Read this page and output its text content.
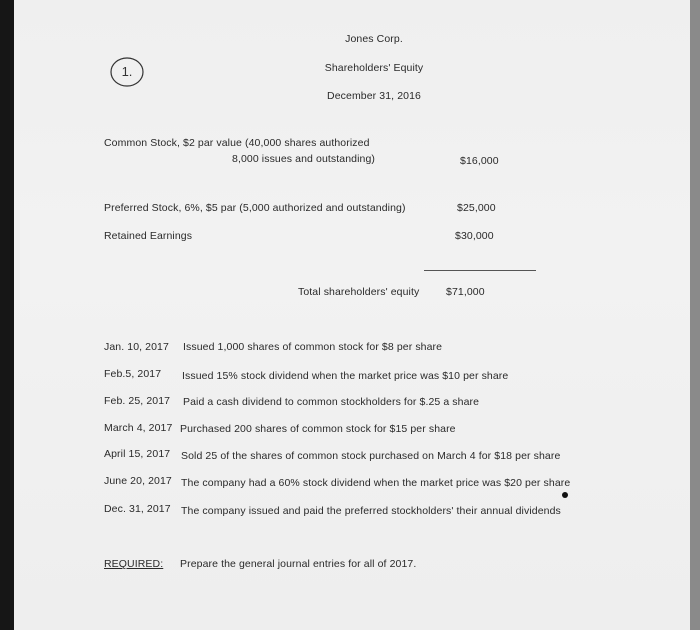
1.
Jones Corp.
Shareholders' Equity
December 31, 2016
Common Stock, $2 par value (40,000 shares authorized
8,000 issues and outstanding)	$16,000
Preferred Stock, 6%, $5 par (5,000 authorized and outstanding)	$25,000
Retained Earnings	$30,000
Total shareholders' equity	$71,000
Jan. 10, 2017 Issued 1,000 shares of common stock for $8 per share
Feb.5, 2017 Issued 15% stock dividend when the market price was $10 per share
Feb. 25, 2017 Paid a cash dividend to common stockholders for $.25 a share
March 4, 2017 Purchased 200 shares of common stock for $15 per share
April 15, 2017 Sold 25 of the shares of common stock purchased on March 4 for $18 per share
June 20, 2017 The company had a 60% stock dividend when the market price was $20 per share
Dec. 31, 2017 The company issued and paid the preferred stockholders' their annual dividends
REQUIRED: Prepare the general journal entries for all of 2017.
